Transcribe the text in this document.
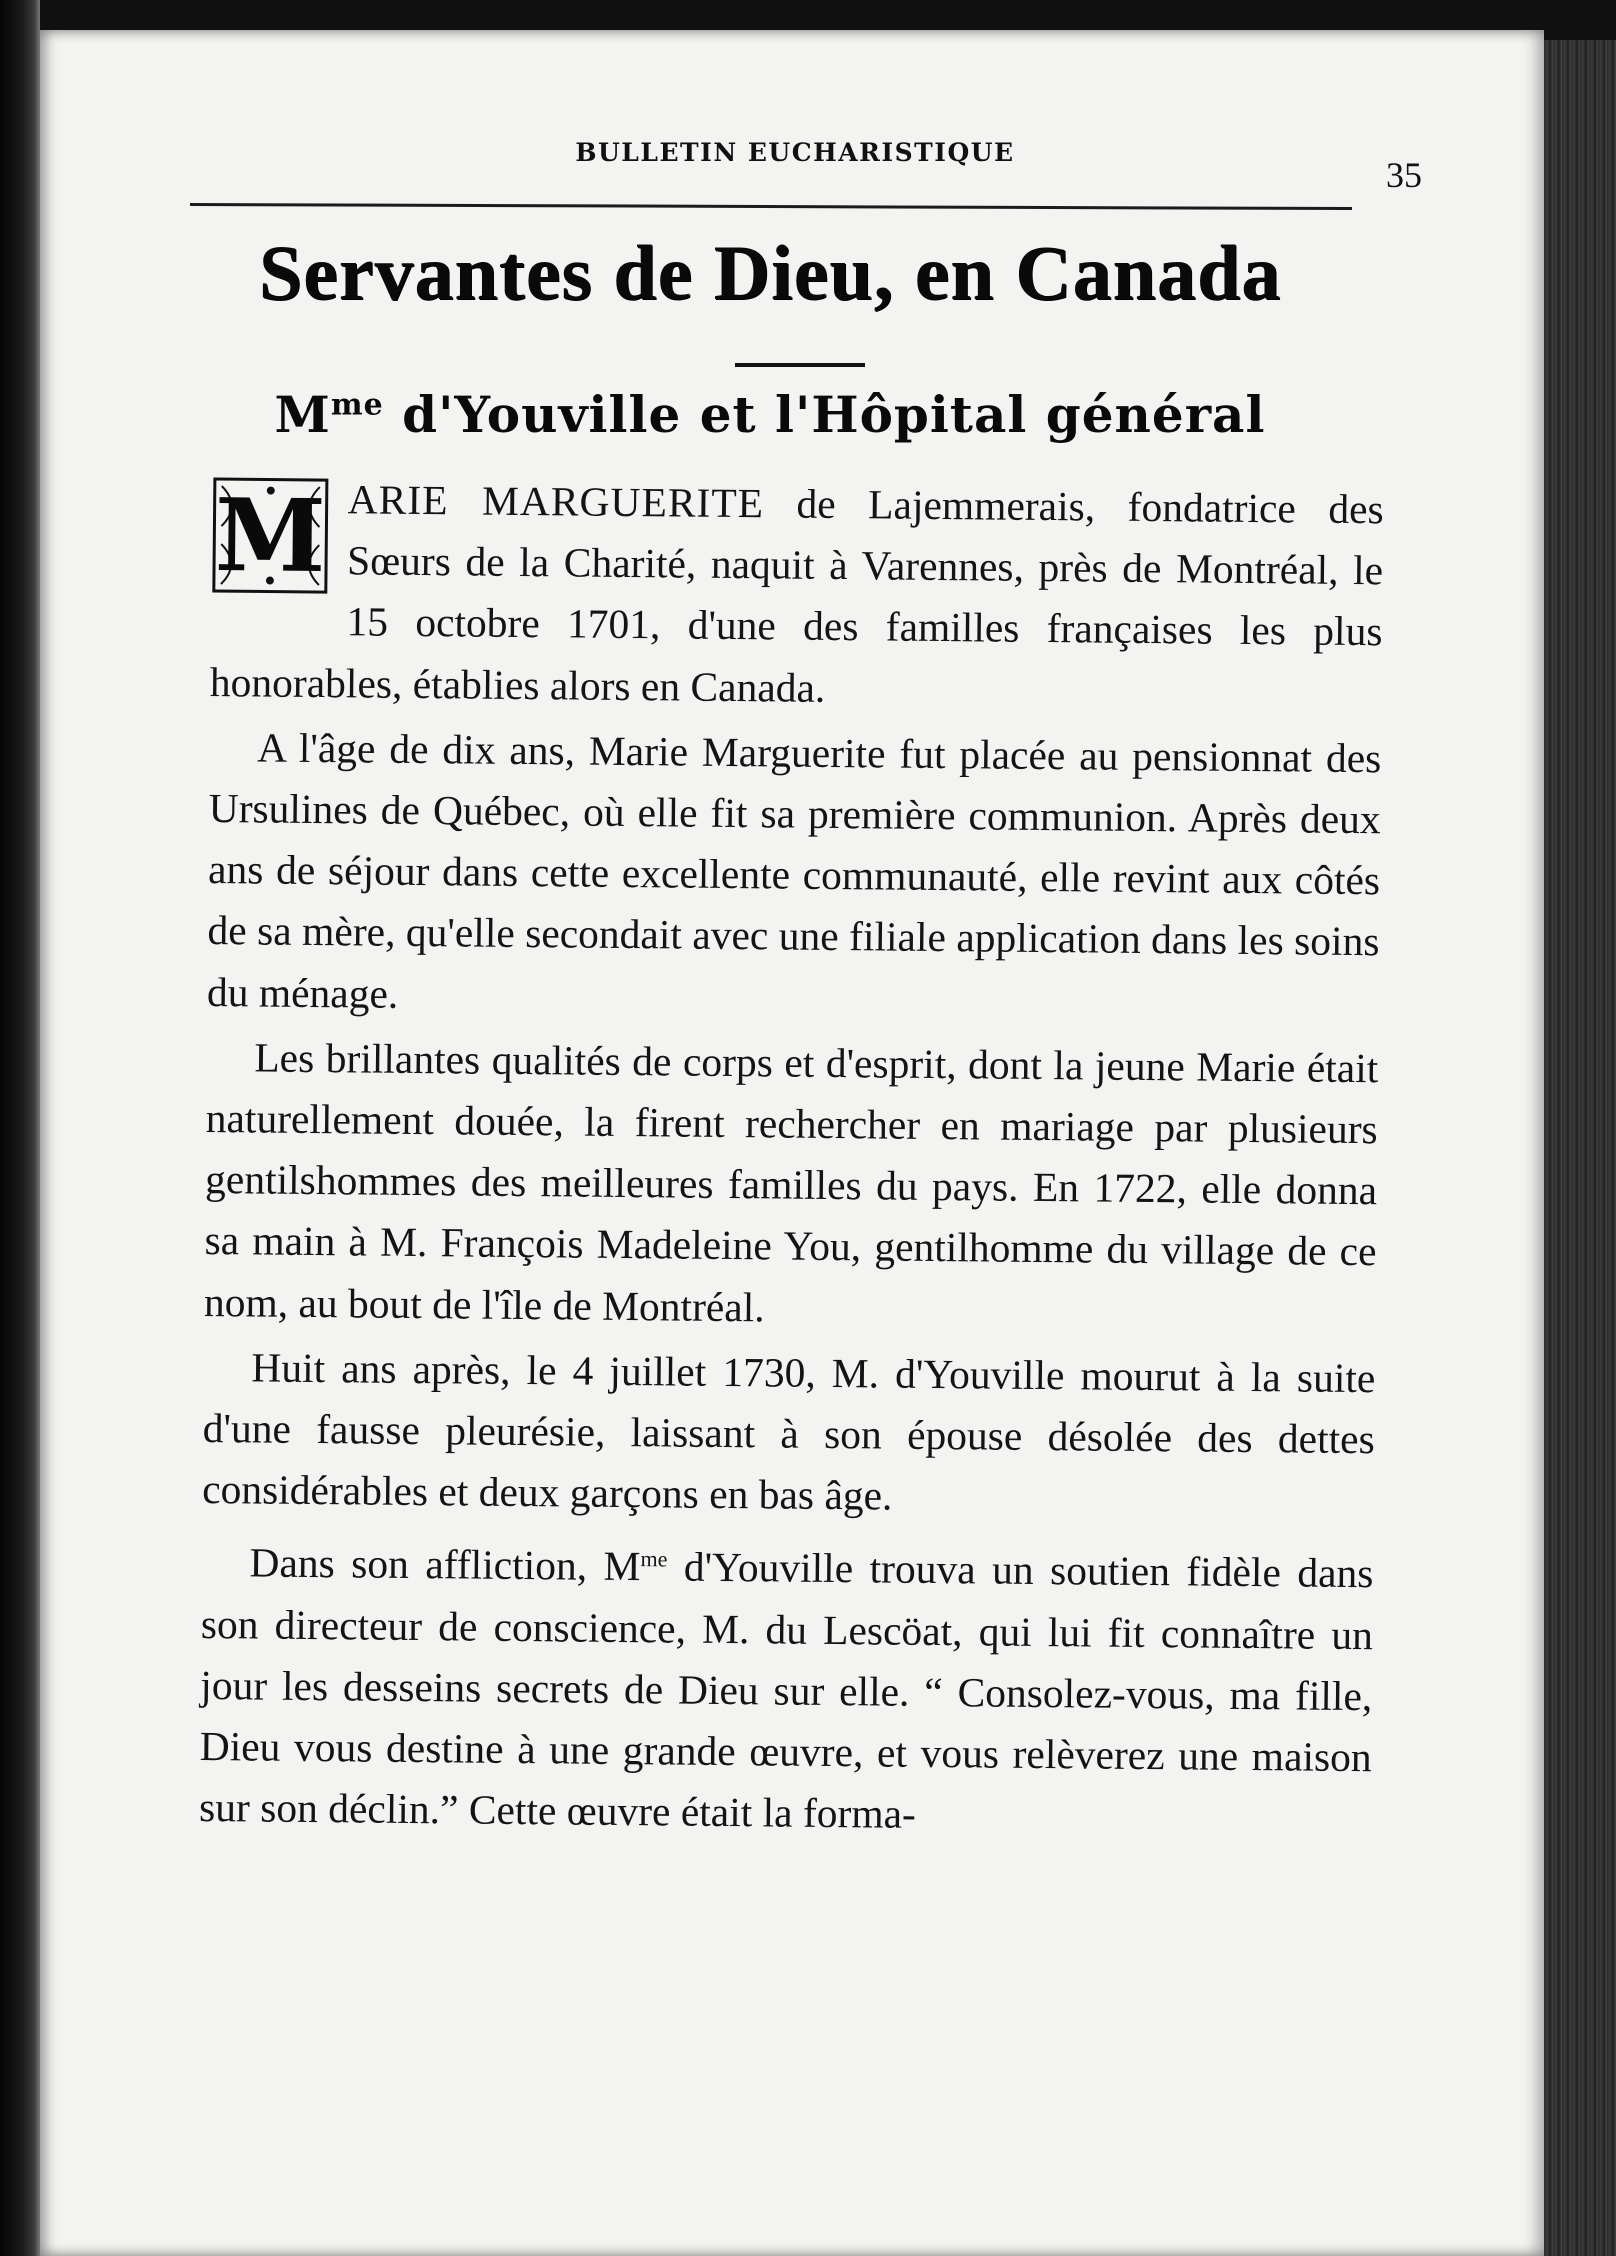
BULLETIN EUCHARISTIQUE
35
Servantes de Dieu, en Canada
$M^{me}$ d'Youville et l'Hôpital général

M ARIE MARGUERITE de Lajemmerais, fondatrice des Sœurs de la Charité, naquit à Varennes, près de Montréal, le 15 octobre 1701, d'une des familles françaises les plus honorables, établies alors en Canada.

A l'âge de dix ans, Marie Marguerite fut placée au pensionnat des Ursulines de Québec, où elle fit sa première communion. Après deux ans de séjour dans cette excellente communauté, elle revint aux côtés de sa mère, qu'elle secondait avec une filiale application dans les soins du ménage.

Les brillantes qualités de corps et d'esprit, dont la jeune Marie était naturellement douée, la firent rechercher en mariage par plusieurs gentilshommes des meilleures familles du pays. En 1722, elle donna sa main à M. François Madeleine You, gentilhomme du village de ce nom, au bout de l'île de Montréal.

Huit ans après, le 4 juillet 1730, M. d'Youville mourut à la suite d'une fausse pleurésie, laissant à son épouse désolée des dettes considérables et deux garçons en bas âge.

Dans son affliction, $M^{me}$ d'Youville trouva un soutien fidèle dans son directeur de conscience, M. du Lescöat, qui lui fit connaître un jour les desseins secrets de Dieu sur elle. “ Consolez-vous, ma fille, Dieu vous destine à une grande œuvre, et vous relèverez une maison sur son déclin.” Cette œuvre était la forma-
